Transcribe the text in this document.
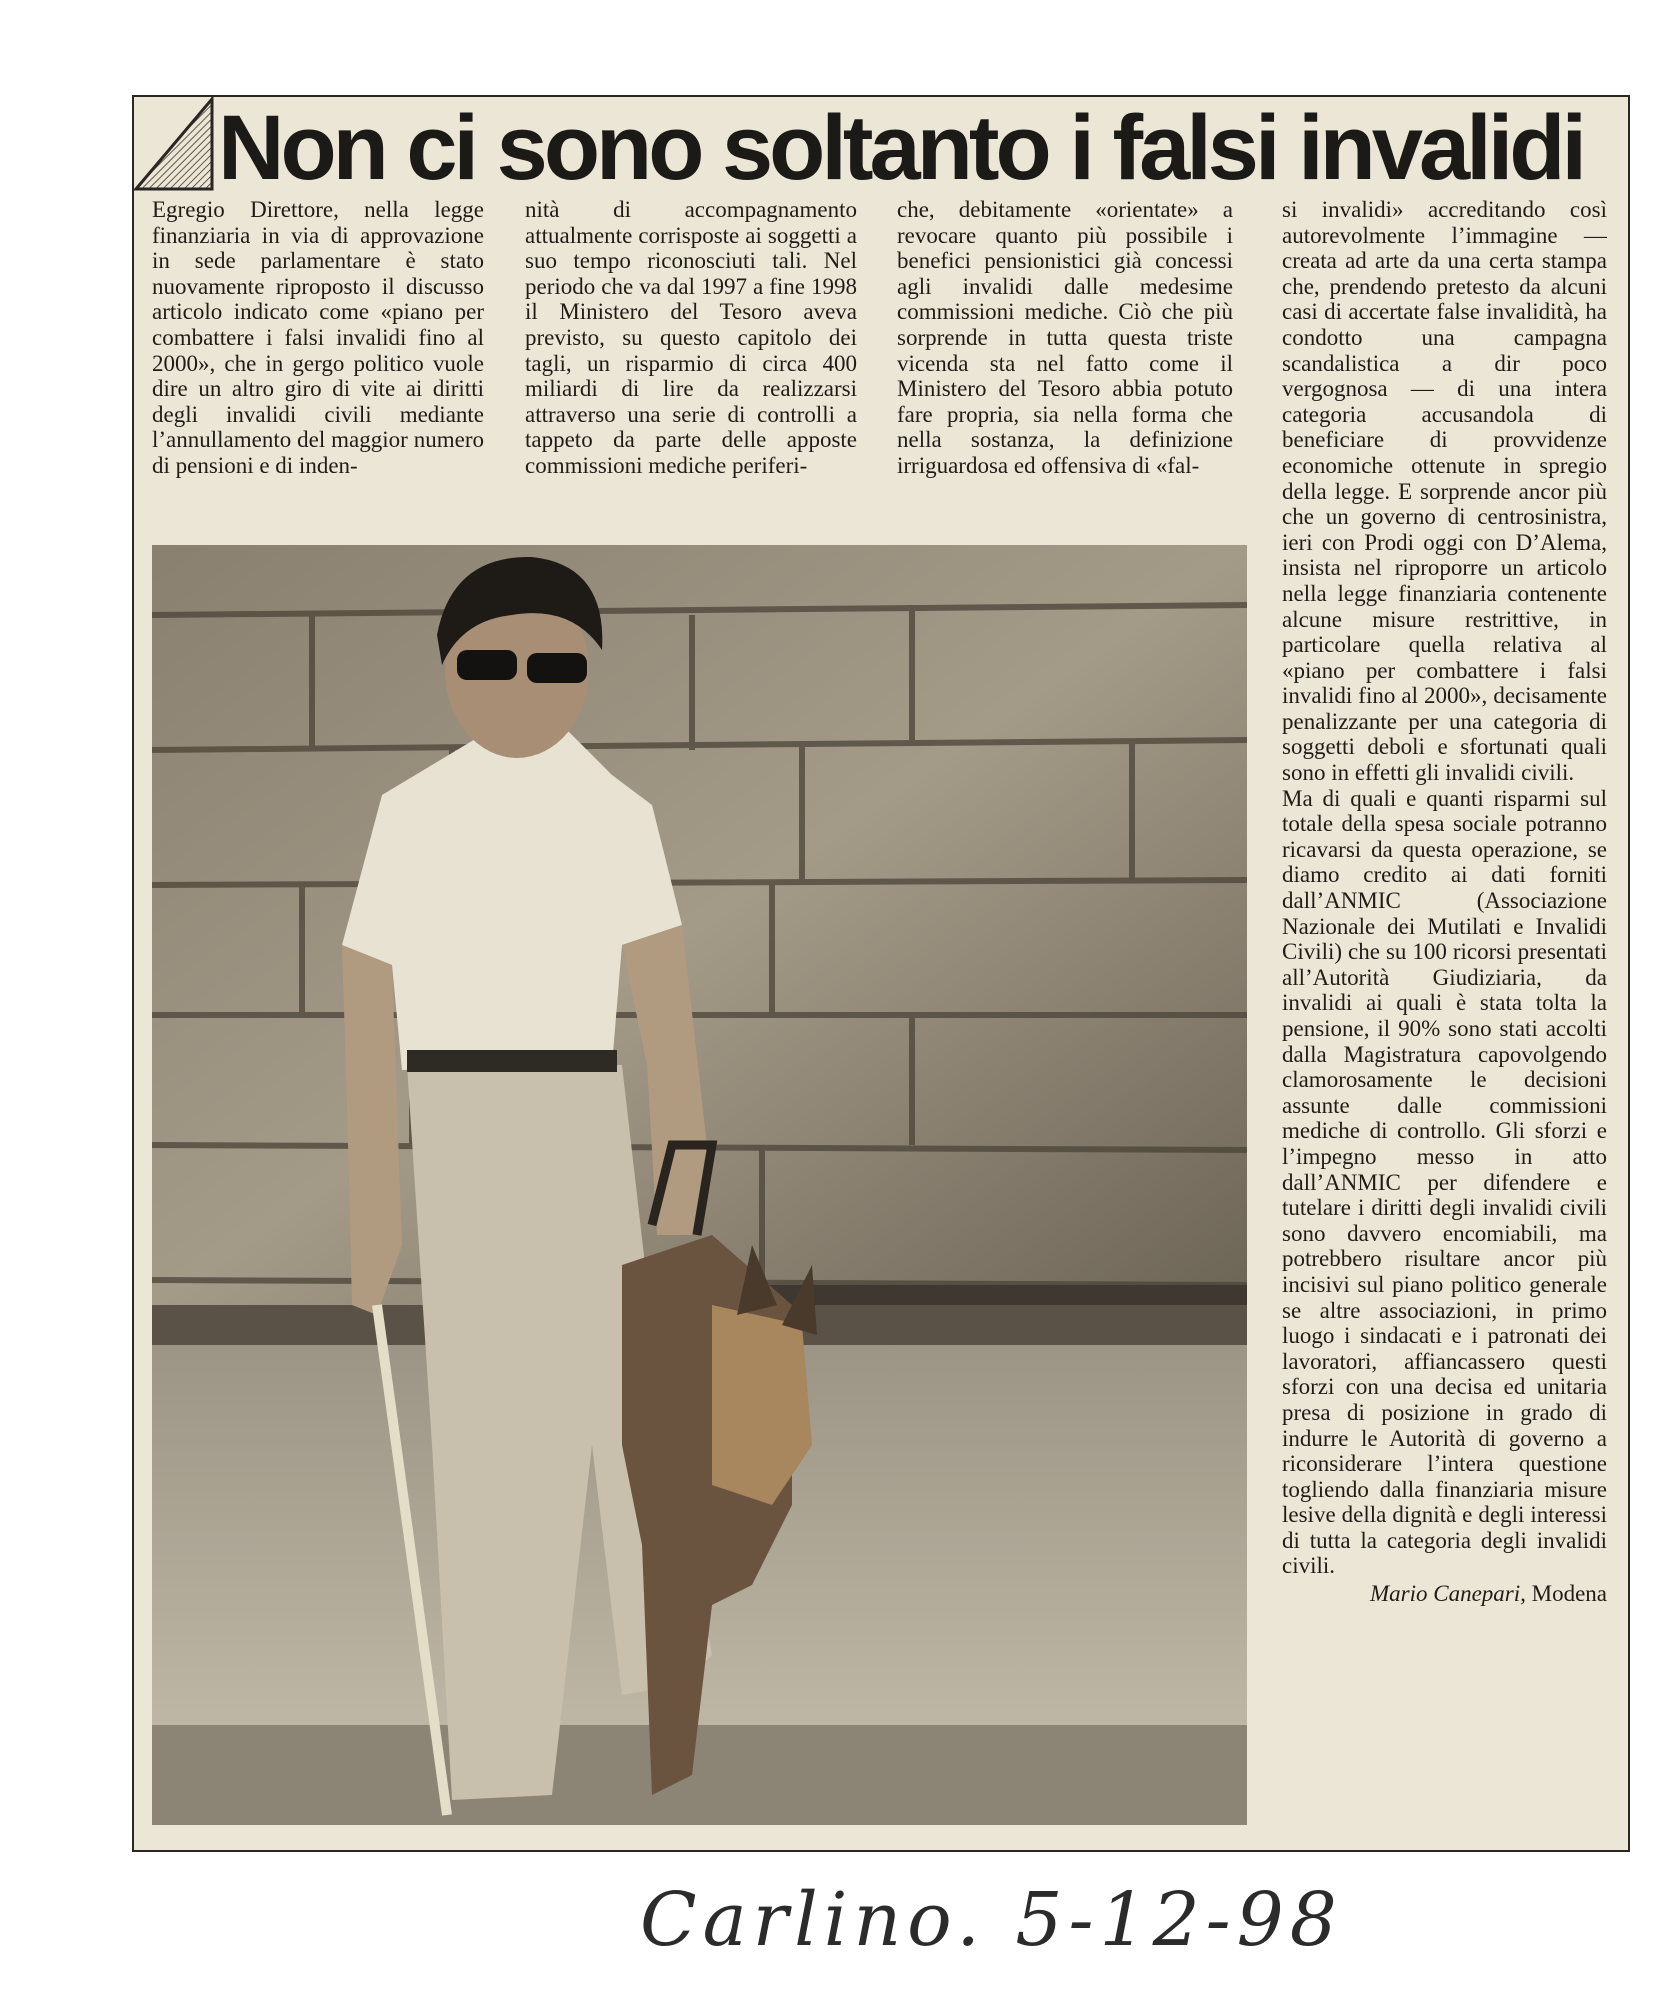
Non ci sono soltanto i falsi invalidi

Egregio Direttore, nella legge finanziaria in via di approvazione in sede parlamentare è stato nuovamente riproposto il discusso articolo indicato come «piano per combattere i falsi invalidi fino al 2000», che in gergo politico vuole dire un altro giro di vite ai diritti degli invalidi civili mediante l’annullamento del maggior numero di pensioni e di inden-

nità di accompagnamento attualmente corrisposte ai soggetti a suo tempo riconosciuti tali. Nel periodo che va dal 1997 a fine 1998 il Ministero del Tesoro aveva previsto, su questo capitolo dei tagli, un risparmio di circa 400 miliardi di lire da realizzarsi attraverso una serie di controlli a tappeto da parte delle apposte commissioni mediche periferi-

che, debitamente «orientate» a revocare quanto più possibile i benefici pensionistici già concessi agli invalidi dalle medesime commissioni mediche. Ciò che più sorprende in tutta questa triste vicenda sta nel fatto come il Ministero del Tesoro abbia potuto fare propria, sia nella forma che nella sostanza, la definizione irriguardosa ed offensiva di «fal-

si invalidi» accreditando così autorevolmente l’immagine — creata ad arte da una certa stampa che, prendendo pretesto da alcuni casi di accertate false invalidità, ha condotto una campagna scandalistica a dir poco vergognosa — di una intera categoria accusandola di beneficiare di provvidenze economiche ottenute in spregio della legge. E sorprende ancor più che un governo di centrosinistra, ieri con Prodi oggi con D’Alema, insista nel riproporre un articolo nella legge finanziaria contenente alcune misure restrittive, in particolare quella relativa al «piano per combattere i falsi invalidi fino al 2000», decisamente penalizzante per una categoria di soggetti deboli e sfortunati quali sono in effetti gli invalidi civili.

Ma di quali e quanti risparmi sul totale della spesa sociale potranno ricavarsi da questa operazione, se diamo credito ai dati forniti dall’ANMIC (Associazione Nazionale dei Mutilati e Invalidi Civili) che su 100 ricorsi presentati all’Autorità Giudiziaria, da invalidi ai quali è stata tolta la pensione, il 90% sono stati accolti dalla Magistratura capovolgendo clamorosamente le decisioni assunte dalle commissioni mediche di controllo. Gli sforzi e l’impegno messo in atto dall’ANMIC per difendere e tutelare i diritti degli invalidi civili sono davvero encomiabili, ma potrebbero risultare ancor più incisivi sul piano politico generale se altre associazioni, in primo luogo i sindacati e i patronati dei lavoratori, affiancassero questi sforzi con una decisa ed unitaria presa di posizione in grado di indurre le Autorità di governo a riconsiderare l’intera questione togliendo dalla finanziaria misure lesive della dignità e degli interessi di tutta la categoria degli invalidi civili.

Mario Canepari, Modena

Carlino. 5-12-98
